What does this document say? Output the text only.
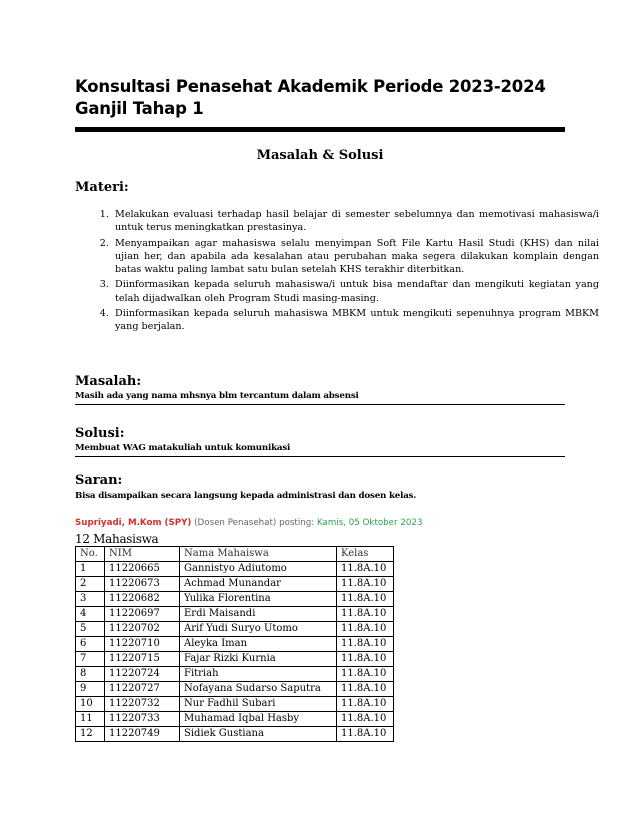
Konsultasi Penasehat Akademik Periode 2023-2024 Ganjil Tahap 1
Masalah & Solusi
Materi:
1. Melakukan evaluasi terhadap hasil belajar di semester sebelumnya dan memotivasi mahasiswa/i untuk terus meningkatkan prestasinya.
2. Menyampaikan agar mahasiswa selalu menyimpan Soft File Kartu Hasil Studi (KHS) dan nilai ujian her, dan apabila ada kesalahan atau perubahan maka segera dilakukan komplain dengan batas waktu paling lambat satu bulan setelah KHS terakhir diterbitkan.
3. Diinformasikan kepada seluruh mahasiswa/i untuk bisa mendaftar dan mengikuti kegiatan yang telah dijadwalkan oleh Program Studi masing-masing.
4. Diinformasikan kepada seluruh mahasiswa MBKM untuk mengikuti sepenuhnya program MBKM yang berjalan.
Masalah:
Masih ada yang nama mhsnya blm tercantum dalam absensi
Solusi:
Membuat WAG matakuliah untuk komunikasi
Saran:
Bisa disampaikan secara langsung kepada administrasi dan dosen kelas.
Supriyadi, M.Kom (SPY) (Dosen Penasehat) posting: Kamis, 05 Oktober 2023
12 Mahasiswa
No.	NIM	Nama Mahaiswa	Kelas
1	11220665	Gannistyo Adiutomo	11.8A.10
2	11220673	Achmad Munandar	11.8A.10
3	11220682	Yulika Florentina	11.8A.10
4	11220697	Erdi Maisandi	11.8A.10
5	11220702	Arif Yudi Suryo Utomo	11.8A.10
6	11220710	Aleyka Iman	11.8A.10
7	11220715	Fajar Rizki Kurnia	11.8A.10
8	11220724	Fitriah	11.8A.10
9	11220727	Nofayana Sudarso Saputra	11.8A.10
10	11220732	Nur Fadhil Subari	11.8A.10
11	11220733	Muhamad Iqbal Hasby	11.8A.10
12	11220749	Sidiek Gustiana	11.8A.10
